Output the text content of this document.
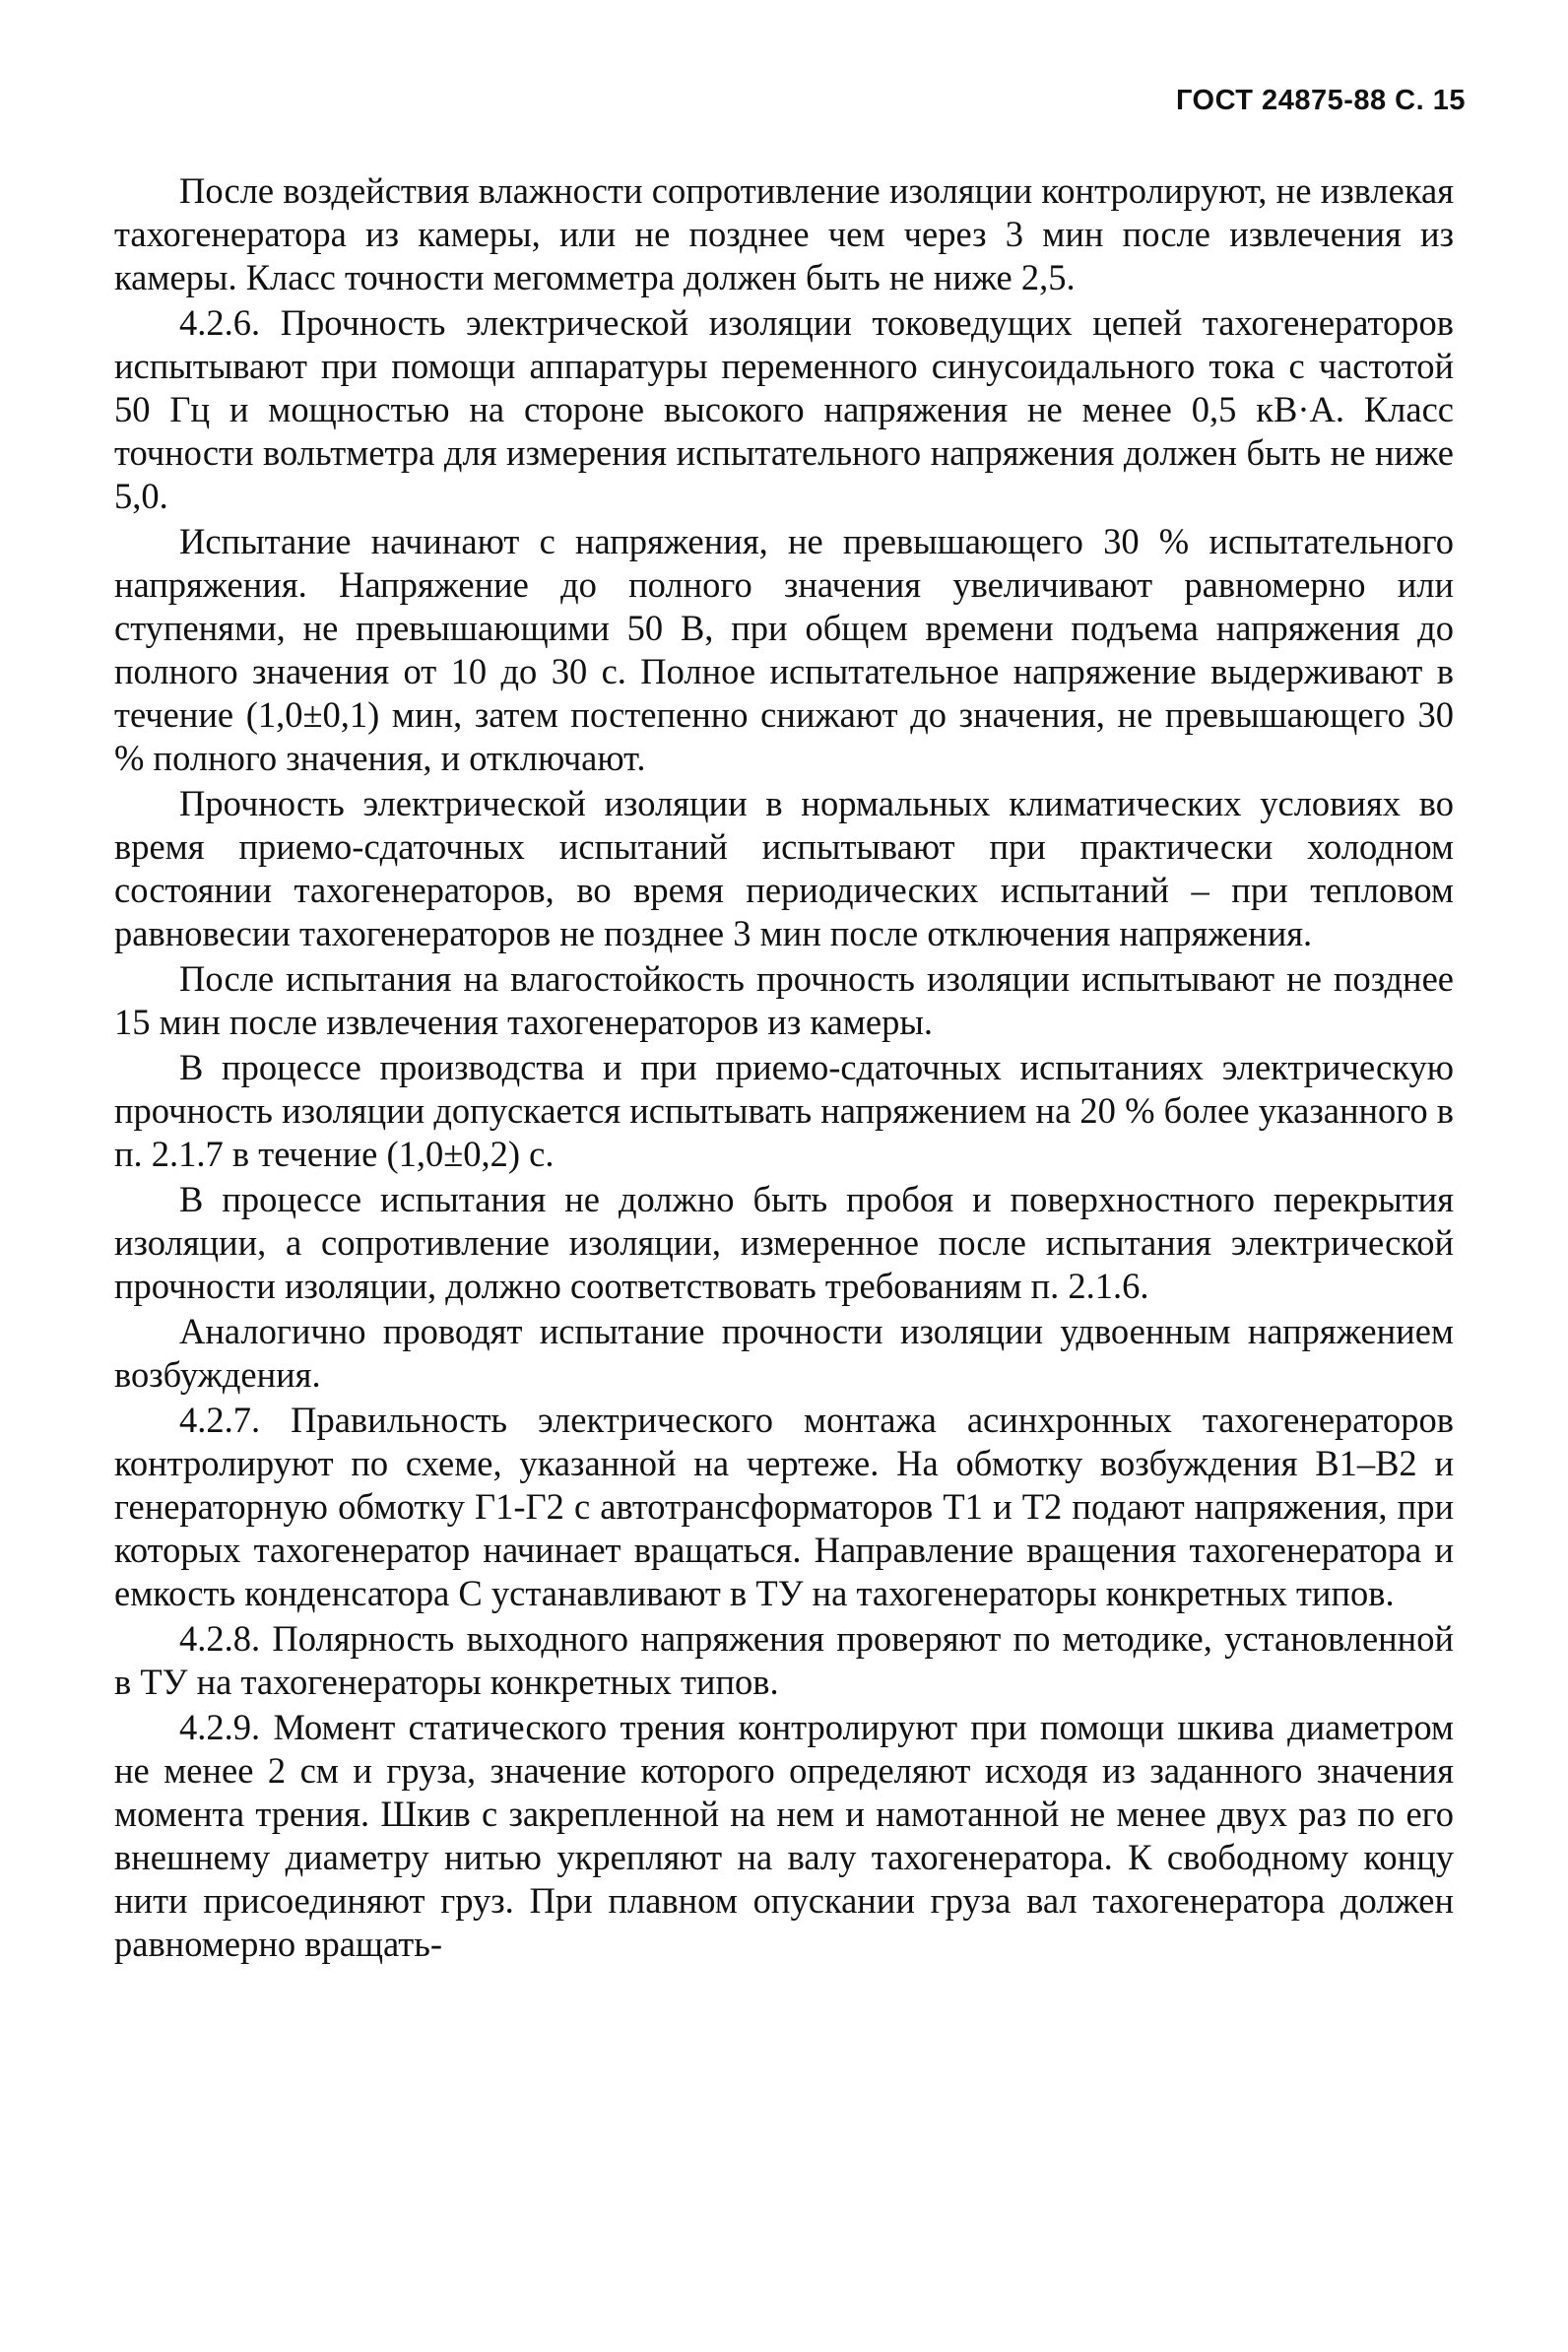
ГОСТ 24875-88 С. 15

После воздействия влажности сопротивление изоляции контролируют, не извлекая тахогенератора из камеры, или не позднее чем через 3 мин после извлечения из камеры. Класс точности мегомметра должен быть не ниже 2,5.

4.2.6. Прочность электрической изоляции токоведущих цепей тахогенераторов испытывают при помощи аппаратуры переменного синусоидального тока с частотой 50 Гц и мощностью на стороне высокого напряжения не менее 0,5 кВ·А. Класс точности вольтметра для измерения испытательного напряжения должен быть не ниже 5,0.

Испытание начинают с напряжения, не превышающего 30 % испытательного напряжения. Напряжение до полного значения увеличивают равномерно или ступенями, не превышающими 50 В, при общем времени подъема напряжения до полного значения от 10 до 30 с. Полное испытательное напряжение выдерживают в течение (1,0±0,1) мин, затем постепенно снижают до значения, не превышающего 30 % полного значения, и отключают.

Прочность электрической изоляции в нормальных климатических условиях во время приемо-сдаточных испытаний испытывают при практически холодном состоянии тахогенераторов, во время периодических испытаний – при тепловом равновесии тахогенераторов не позднее 3 мин после отключения напряжения.

После испытания на влагостойкость прочность изоляции испытывают не позднее 15 мин после извлечения тахогенераторов из камеры.

В процессе производства и при приемо-сдаточных испытаниях электрическую прочность изоляции допускается испытывать напряжением на 20 % более указанного в п. 2.1.7 в течение (1,0±0,2) с.

В процессе испытания не должно быть пробоя и поверхностного перекрытия изоляции, а сопротивление изоляции, измеренное после испытания электрической прочности изоляции, должно соответствовать требованиям п. 2.1.6.

Аналогично проводят испытание прочности изоляции удвоенным напряжением возбуждения.

4.2.7. Правильность электрического монтажа асинхронных тахогенераторов контролируют по схеме, указанной на чертеже. На обмотку возбуждения В1–В2 и генераторную обмотку Г1-Г2 с автотрансформаторов Т1 и Т2 подают напряжения, при которых тахогенератор начинает вращаться. Направление вращения тахогенератора и емкость конденсатора С устанавливают в ТУ на тахогенераторы конкретных типов.

4.2.8. Полярность выходного напряжения проверяют по методике, установленной в ТУ на тахогенераторы конкретных типов.

4.2.9. Момент статического трения контролируют при помощи шкива диаметром не менее 2 см и груза, значение которого определяют исходя из заданного значения момента трения. Шкив с закрепленной на нем и намотанной не менее двух раз по его внешнему диаметру нитью укрепляют на валу тахогенератора. К свободному концу нити присоединяют груз. При плавном опускании груза вал тахогенератора должен равномерно вращать-
